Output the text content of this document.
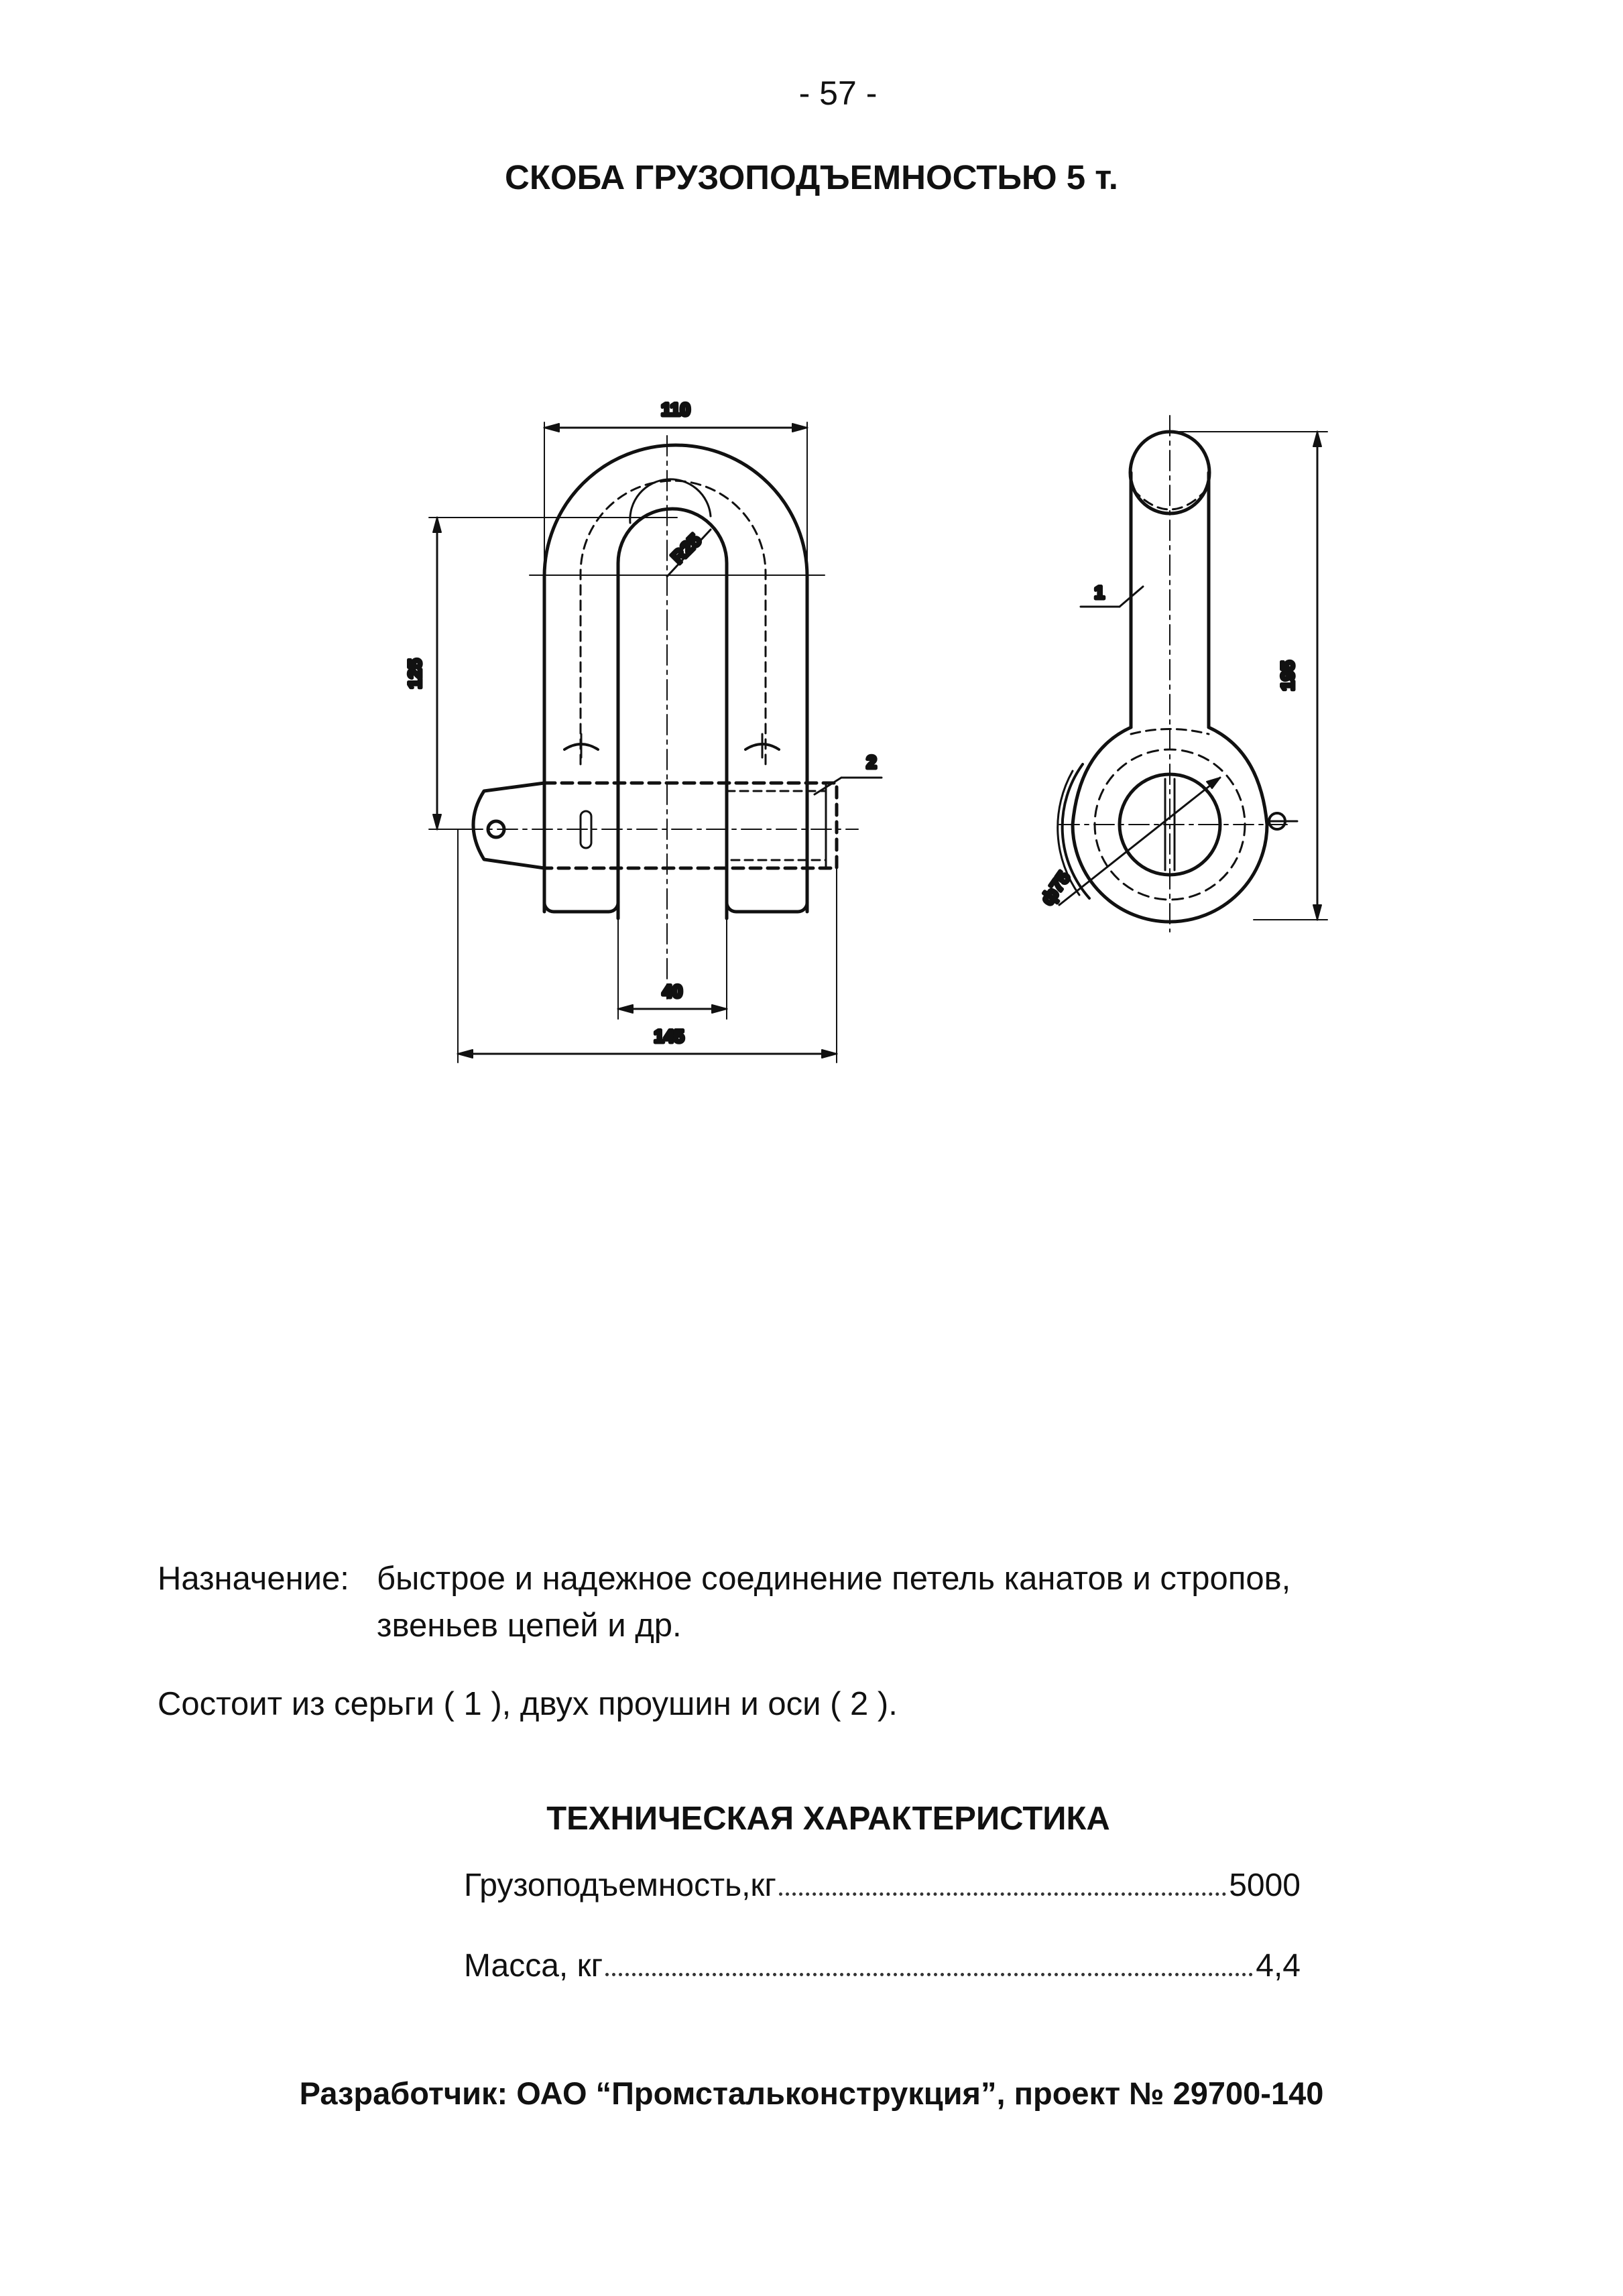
- 57 -
СКОБА ГРУЗОПОДЪЕМНОСТЬЮ 5 т.
110
125
R25
40
145
195
ф75
1
2
Назначение: быстрое и надежное соединение петель канатов и стропов, звеньев цепей и др.
Состоит из серьги ( 1 ), двух проушин и оси ( 2 ).
ТЕХНИЧЕСКАЯ ХАРАКТЕРИСТИКА
Грузоподъемность,кг	5000
Масса, кг	4,4
Разработчик: ОАО “Промстальконструкция”, проект № 29700-140
